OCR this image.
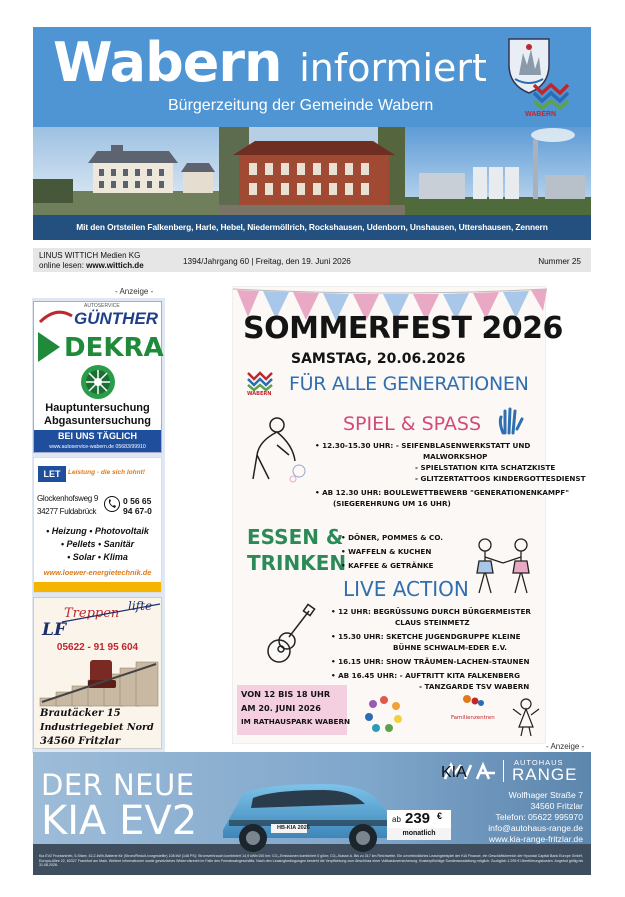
Wabern informiert
Bürgerzeitung der Gemeinde Wabern
WABERN
Mit den Ortsteilen Falkenberg, Harle, Hebel, Niedermöllrich, Rockshausen, Udenborn, Unshausen, Uttershausen, Zennern
LINUS WITTICH Medien KG
online lesen: www.wittich.de	1394/Jahrgang 60 | Freitag, den 19. Juni 2026	Nummer 25
- Anzeige -
AUTOSERVICE
GÜNTHER
DEKRA
Hauptuntersuchung
Abgasuntersuchung
BEI UNS TÄGLICH
www.autoservice-wabern.de 05683/99910
LET	Leistung - die sich lohnt!
Glockenhofsweg 9
34277 Fuldabrück
0 56 65
94 67-0
• Heizung • Photovoltaik
• Pellets • Sanitär
• Solar • Klima
www.loewer-energietechnik.de
LF
Treppen lifte
05622 - 91 95 604
Brautäcker 15
Industriegebiet Nord
34560 Fritzlar
SOMMERFEST 2026
SAMSTAG, 20.06.2026
WABERN FÜR ALLE GENERATIONEN
SPIEL & SPASS
• 12.30-15.30 UHR: - SEIFENBLASENWERKSTATT UND
MALWORKSHOP
- SPIELSTATION KITA SCHATZKISTE
- GLITZERTATTOOS KINDERGOTTESDIENST
• AB 12.30 UHR: BOULEWETTBEWERB "GENERATIONENKAMPF"
(SIEGEREHRUNG UM 16 UHR)
ESSEN &
TRINKEN
• DÖNER, POMMES & CO.
• WAFFELN & KUCHEN
• KAFFEE & GETRÄNKE
LIVE ACTION
• 12 UHR: BEGRÜSSUNG DURCH BÜRGERMEISTER
CLAUS STEINMETZ
• 15.30 UHR: SKETCHE JUGENDGRUPPE KLEINE
BÜHNE SCHWALM-EDER E.V.
• 16.15 UHR: SHOW TRÄUMEN-LACHEN-STAUNEN
• AB 16.45 UHR: - AUFTRITT KITA FALKENBERG
- TANZGARDE TSV WABERN
VON 12 BIS 18 UHR
AM 20. JUNI 2026
IM RATHAUSPARK WABERN	Familienzentren
- Anzeige -
HB-KIA 2026
DER NEUE
KIA EV2
AUTOHAUS
RANGE
ab 239 €
monatlich
Wolfhager Straße 7
34560 Fritzlar
Telefon: 05622 995970
info@autohaus-range.de
www.kia-range-fritzlar.de
Kia EV2 Frontantrieb, 5-Sitzer, 42,2-kWh-Batterie für (Strom/Reduit-/vorgestellte) 108 kW (146 PS): Stromverbrauch kombiniert 14,9 kWh/100 km; CO₂-Emissionen kombiniert 0 g/km; CO₂-Klasse A. Bis zu 317 km Reichweite. Ein unverbindliches Leasingbeispiel der KIA Finance, ein Geschäftsbereich der Hyundai Capital Bank Europe GmbH, Europa-Allee 22, 60327 Frankfurt am Main. Weitere Informationen sowie gesetzliches Widerrufsrecht im Falle des Fernabsatzgeschäfts. Nach den Leasingbedingungen besteht die Verpflichtung zum Abschluss einer Vollkaskoversicherung. Kostenpflichtige Sonderausstattung möglich. Zuzüglich 1.295 € Überführungskosten. Angebot gültig bis 31.08.2026.
